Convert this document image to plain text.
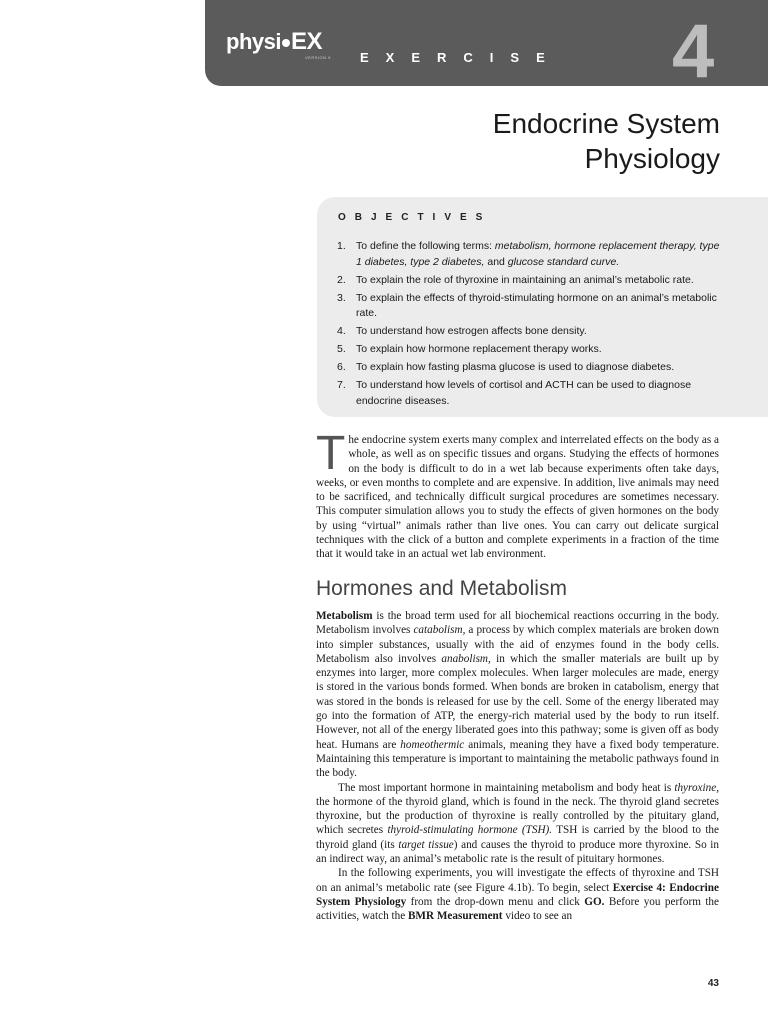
physi EX
VERSION 9 EXERCISE 4
Endocrine System
Physiology
OBJECTIVES
1. To define the following terms: metabolism, hormone replacement therapy, type 1 diabetes, type 2 diabetes, and glucose standard curve.
2. To explain the role of thyroxine in maintaining an animal’s metabolic rate.
3. To explain the effects of thyroid-stimulating hormone on an animal’s metabolic rate.
4. To understand how estrogen affects bone density.
5. To explain how hormone replacement therapy works.
6. To explain how fasting plasma glucose is used to diagnose diabetes.
7. To understand how levels of cortisol and ACTH can be used to diagnose endocrine diseases.

The endocrine system exerts many complex and interrelated effects on the body as a whole, as well as on specific tissues and organs. Studying the effects of hormones on the body is difficult to do in a wet lab because experiments often take days, weeks, or even months to complete and are expensive. In addition, live animals may need to be sacrificed, and technically difficult surgical procedures are sometimes necessary. This computer simulation allows you to study the effects of given hormones on the body by using “virtual” animals rather than live ones. You can carry out delicate surgical techniques with the click of a button and complete experiments in a fraction of the time that it would take in an actual wet lab environment.

Hormones and Metabolism

Metabolism is the broad term used for all biochemical reactions occurring in the body. Metabolism involves catabolism, a process by which complex materials are broken down into simpler substances, usually with the aid of enzymes found in the body cells. Metabolism also involves anabolism, in which the smaller materials are built up by enzymes into larger, more complex molecules. When larger molecules are made, energy is stored in the various bonds formed. When bonds are broken in catabolism, energy that was stored in the bonds is released for use by the cell. Some of the energy liberated may go into the formation of ATP, the energy-rich material used by the body to run itself. However, not all of the energy liberated goes into this pathway; some is given off as body heat. Humans are homeothermic animals, meaning they have a fixed body temperature. Maintaining this temperature is important to maintaining the metabolic pathways found in the body.

The most important hormone in maintaining metabolism and body heat is thyroxine, the hormone of the thyroid gland, which is found in the neck. The thyroid gland secretes thyroxine, but the production of thyroxine is really controlled by the pituitary gland, which secretes thyroid-stimulating hormone (TSH). TSH is carried by the blood to the thyroid gland (its target tissue) and causes the thyroid to produce more thyroxine. So in an indirect way, an animal’s metabolic rate is the result of pituitary hormones.

In the following experiments, you will investigate the effects of thyroxine and TSH on an animal’s metabolic rate (see Figure 4.1b). To begin, select Exercise 4: Endocrine System Physiology from the drop-down menu and click GO. Before you perform the activities, watch the BMR Measurement video to see an

43
